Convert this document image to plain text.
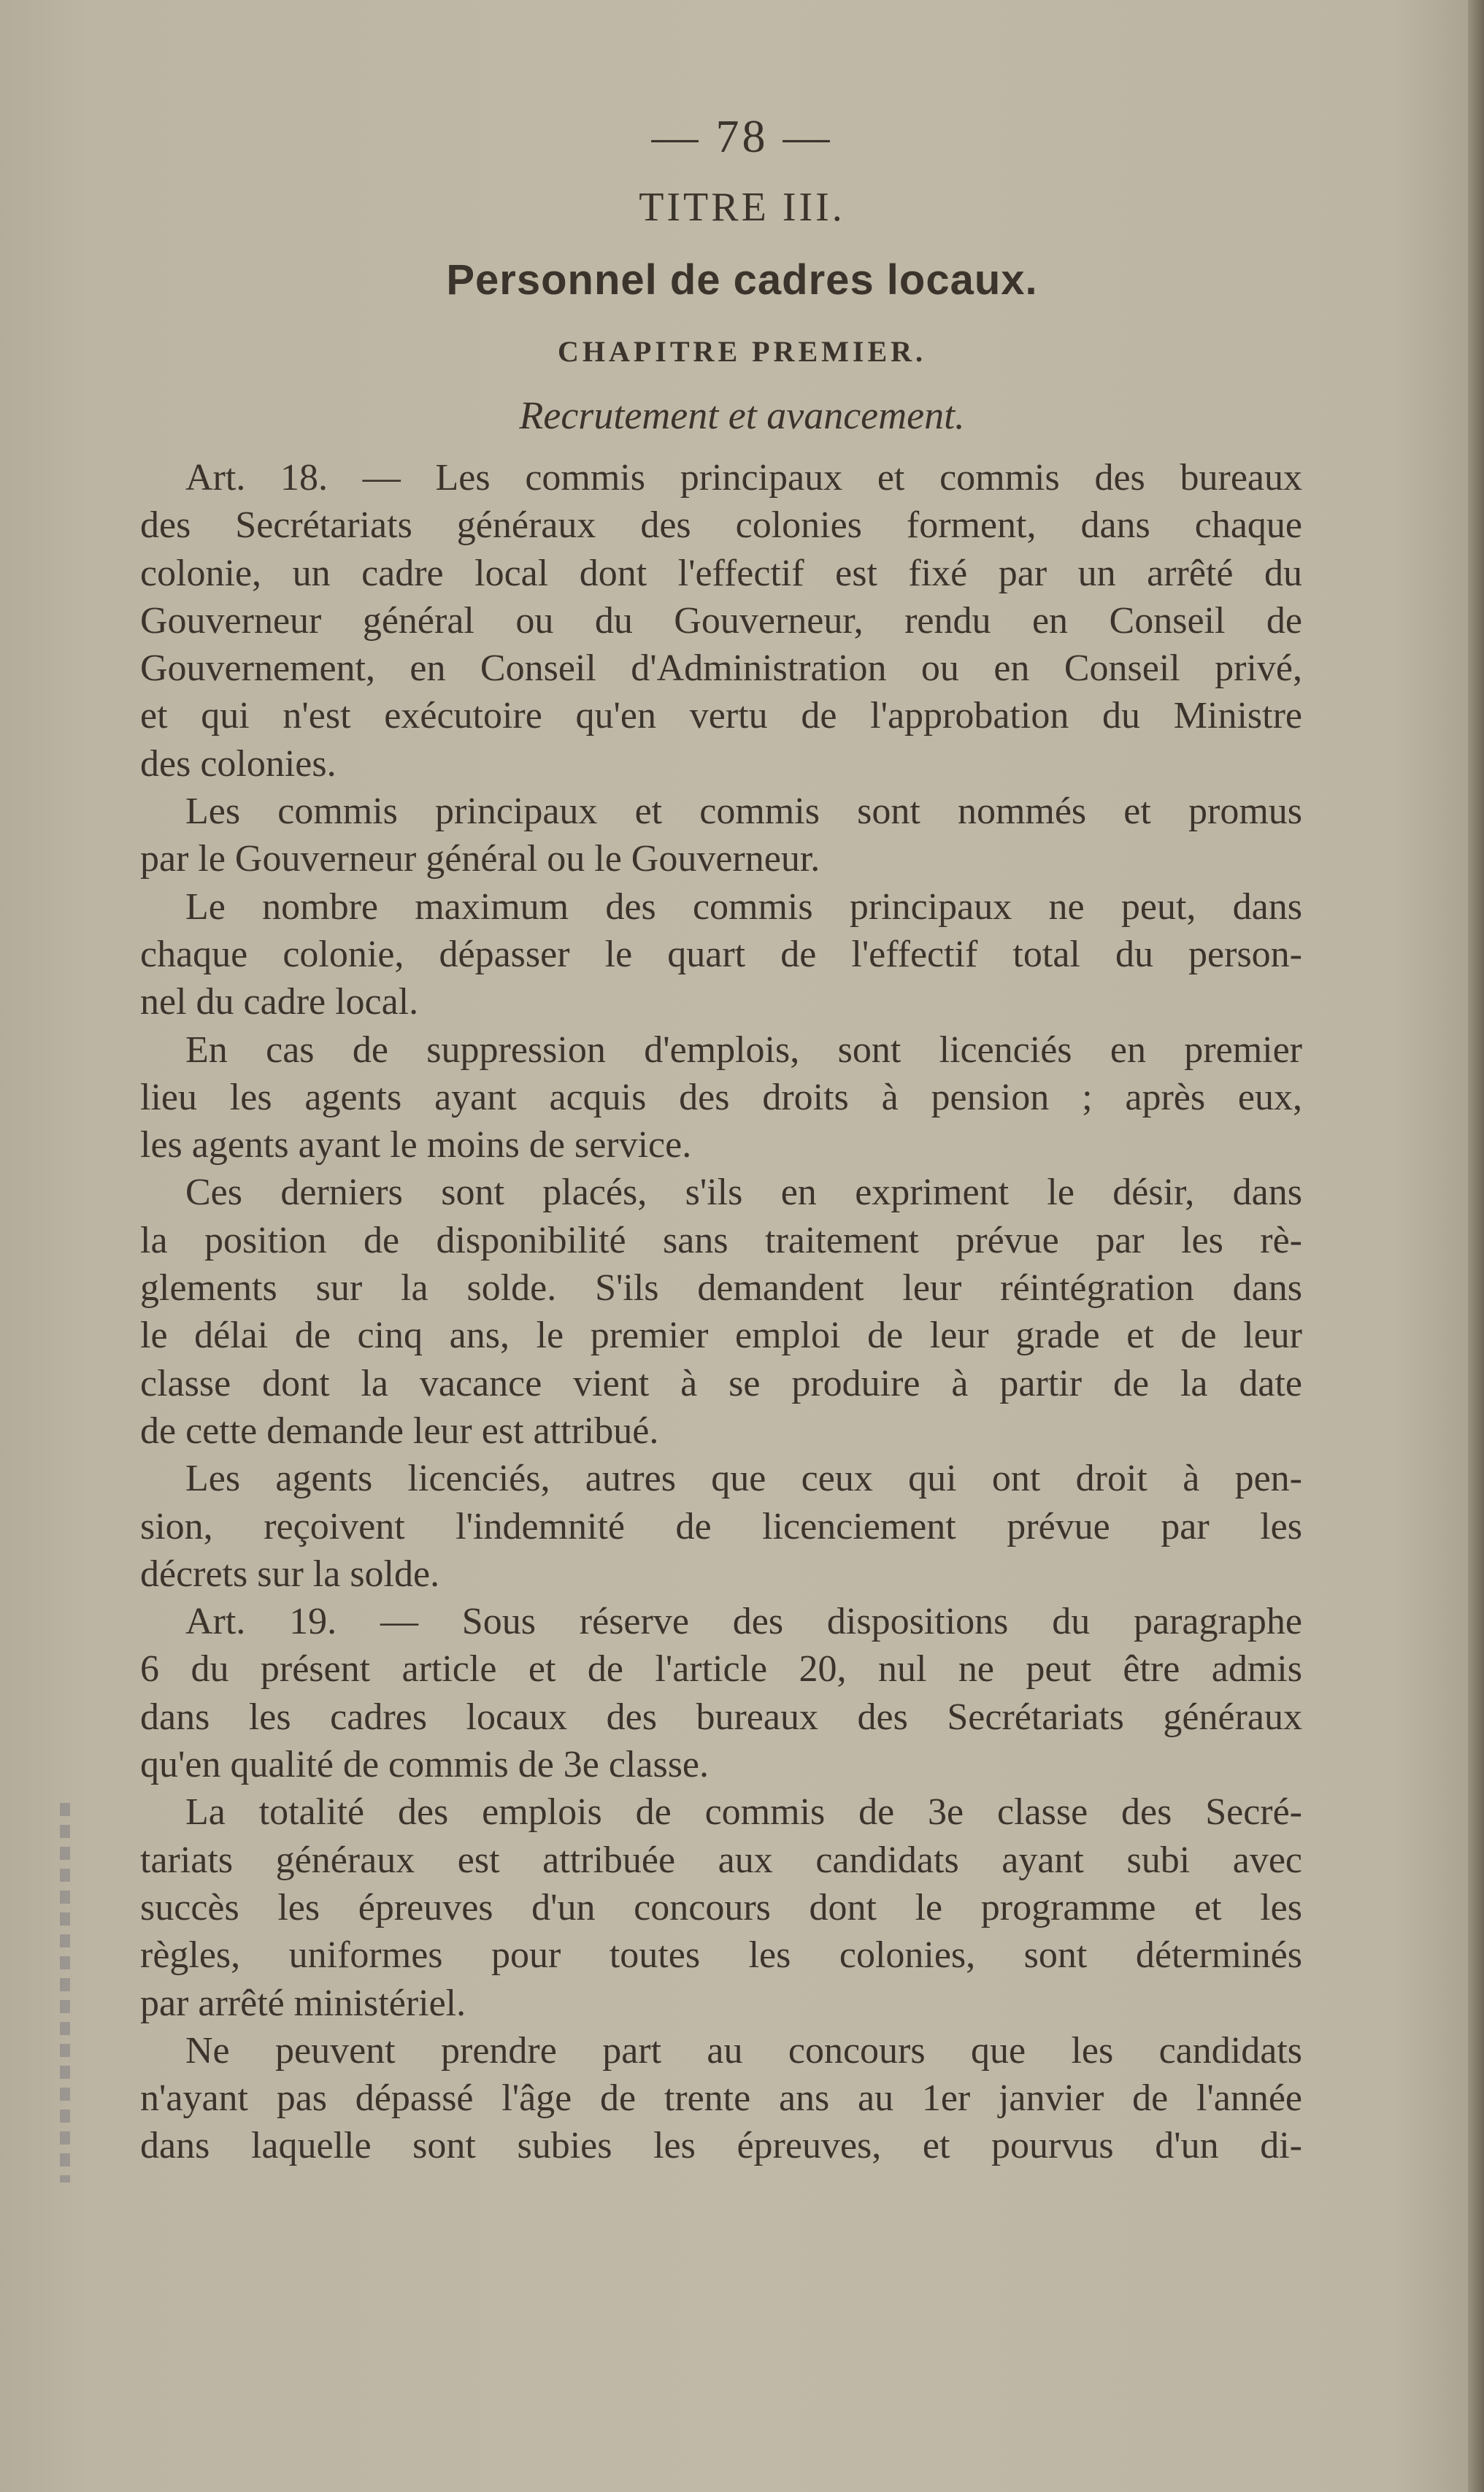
— 78 —
TITRE III.
Personnel de cadres locaux.
CHAPITRE PREMIER.
Recrutement et avancement.
Art. 18. — Les commis principaux et commis des bureaux
des Secrétariats généraux des colonies forment, dans chaque
colonie, un cadre local dont l'effectif est fixé par un arrêté du
Gouverneur général ou du Gouverneur, rendu en Conseil de
Gouvernement, en Conseil d'Administration ou en Conseil privé,
et qui n'est exécutoire qu'en vertu de l'approbation du Ministre
des colonies.
Les commis principaux et commis sont nommés et promus
par le Gouverneur général ou le Gouverneur.
Le nombre maximum des commis principaux ne peut, dans
chaque colonie, dépasser le quart de l'effectif total du person-
nel du cadre local.
En cas de suppression d'emplois, sont licenciés en premier
lieu les agents ayant acquis des droits à pension ; après eux,
les agents ayant le moins de service.
Ces derniers sont placés, s'ils en expriment le désir, dans
la position de disponibilité sans traitement prévue par les rè-
glements sur la solde. S'ils demandent leur réintégration dans
le délai de cinq ans, le premier emploi de leur grade et de leur
classe dont la vacance vient à se produire à partir de la date
de cette demande leur est attribué.
Les agents licenciés, autres que ceux qui ont droit à pen-
sion, reçoivent l'indemnité de licenciement prévue par les
décrets sur la solde.
Art. 19. — Sous réserve des dispositions du paragraphe
6 du présent article et de l'article 20, nul ne peut être admis
dans les cadres locaux des bureaux des Secrétariats généraux
qu'en qualité de commis de 3e classe.
La totalité des emplois de commis de 3e classe des Secré-
tariats généraux est attribuée aux candidats ayant subi avec
succès les épreuves d'un concours dont le programme et les
règles, uniformes pour toutes les colonies, sont déterminés
par arrêté ministériel.
Ne peuvent prendre part au concours que les candidats
n'ayant pas dépassé l'âge de trente ans au 1er janvier de l'année
dans laquelle sont subies les épreuves, et pourvus d'un di-
